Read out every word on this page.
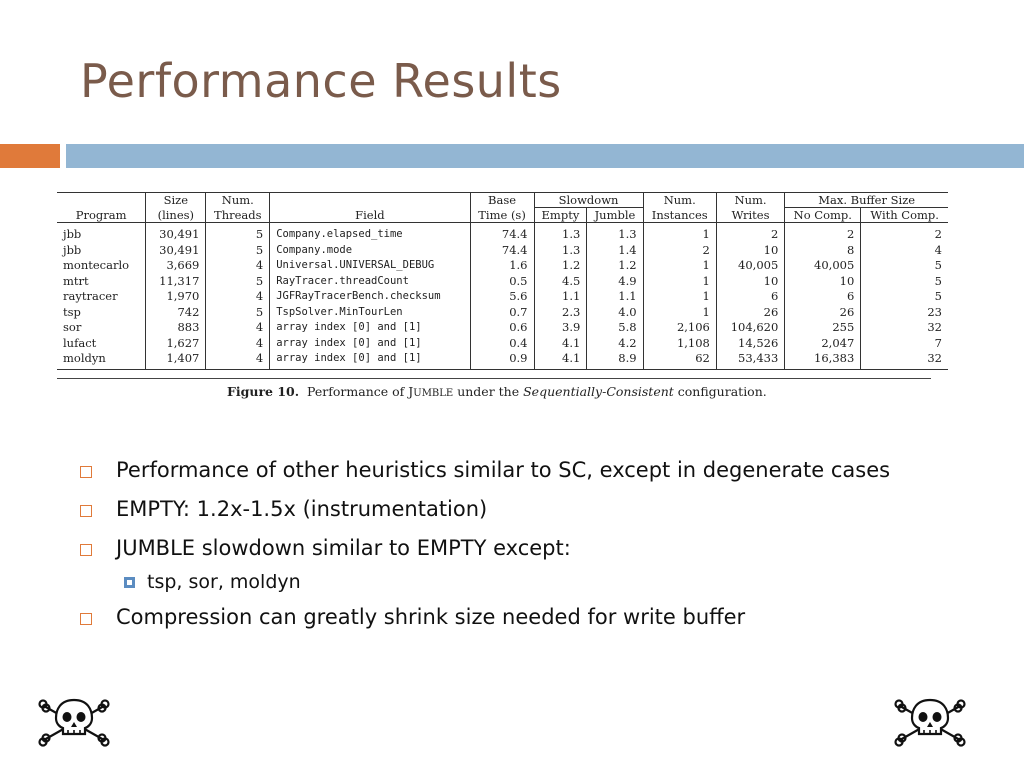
Performance Results
Program	Size	Num.	Field	Base	Slowdown		Num.	Num.	Max. Buffer Size	
	(lines)	Threads		Time (s)	Empty	Jumble	Instances	Writes	No Comp.	With Comp.
jbb	30,491	5	Company.elapsed_time	74.4	1.3	1.3	1	2	2	2
jbb	30,491	5	Company.mode	74.4	1.3	1.4	2	10	8	4
montecarlo	3,669	4	Universal.UNIVERSAL_DEBUG	1.6	1.2	1.2	1	40,005	40,005	5
mtrt	11,317	5	RayTracer.threadCount	0.5	4.5	4.9	1	10	10	5
raytracer	1,970	4	JGFRayTracerBench.checksum	5.6	1.1	1.1	1	6	6	5
tsp	742	5	TspSolver.MinTourLen	0.7	2.3	4.0	1	26	26	23
sor	883	4	array index [0] and [1]	0.6	3.9	5.8	2,106	104,620	255	32
lufact	1,627	4	array index [0] and [1]	0.4	4.1	4.2	1,108	14,526	2,047	7
moldyn	1,407	4	array index [0] and [1]	0.9	4.1	8.9	62	53,433	16,383	32
Figure 10. Performance of JUMBLE under the Sequentially-Consistent configuration.
Performance of other heuristics similar to SC, except in degenerate cases
EMPTY: 1.2x-1.5x (instrumentation)
JUMBLE slowdown similar to EMPTY except:
tsp, sor, moldyn
Compression can greatly shrink size needed for write buffer
